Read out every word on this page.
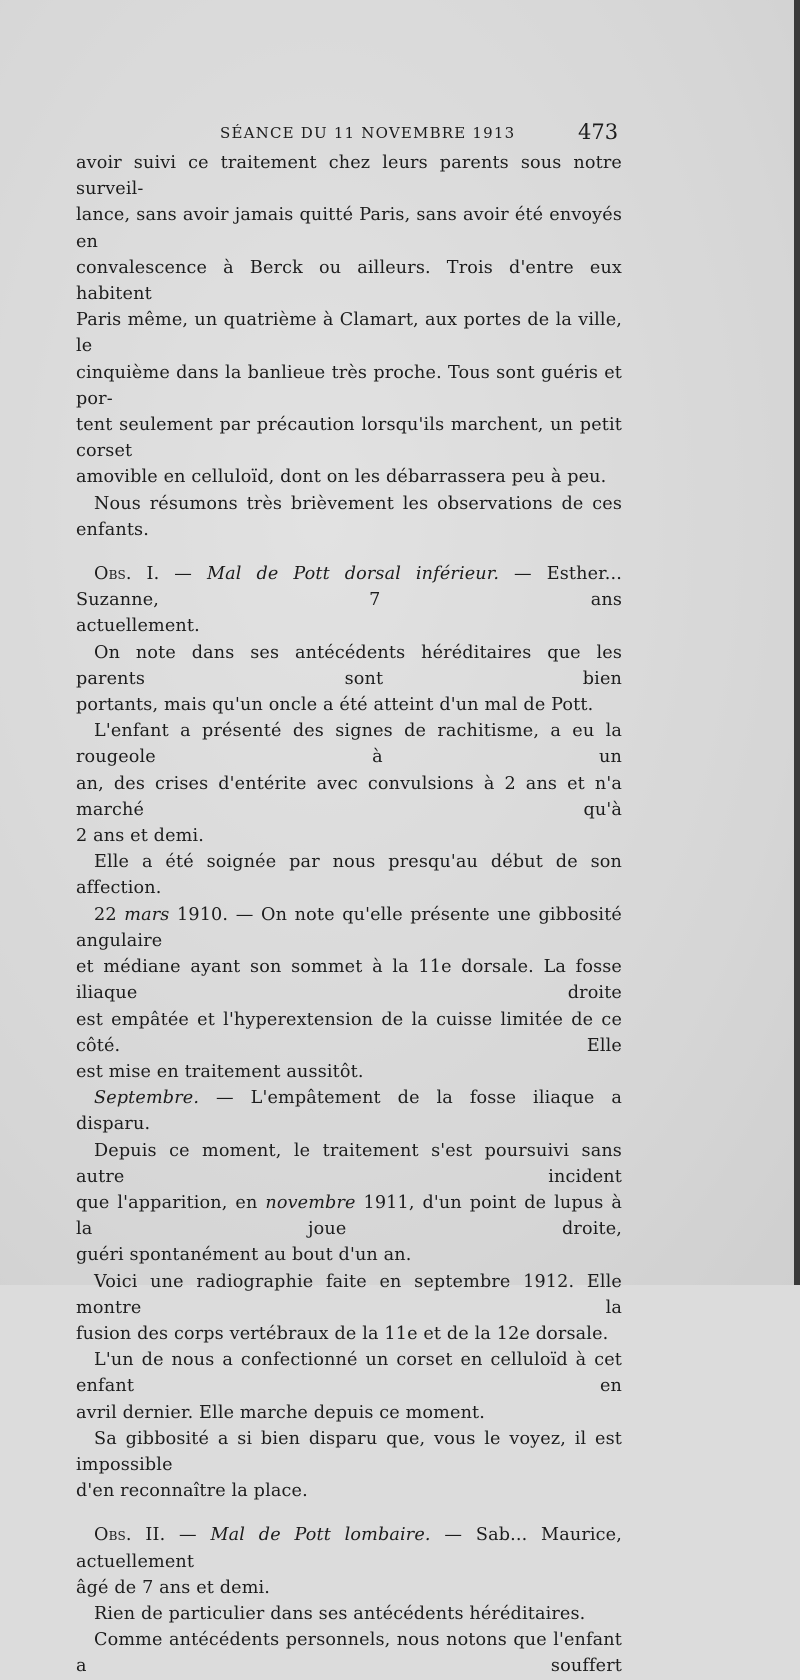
SÉANCE DU 11 NOVEMBRE 1913	473

avoir suivi ce traitement chez leurs parents sous notre surveil-

lance, sans avoir jamais quitté Paris, sans avoir été envoyés en

convalescence à Berck ou ailleurs. Trois d'entre eux habitent

Paris même, un quatrième à Clamart, aux portes de la ville, le

cinquième dans la banlieue très proche. Tous sont guéris et por-

tent seulement par précaution lorsqu'ils marchent, un petit corset

amovible en celluloïd, dont on les débarrassera peu à peu.

Nous résumons très brièvement les observations de ces enfants.

Obs. I. — Mal de Pott dorsal inférieur. — Esther... Suzanne, 7 ans

actuellement.

On note dans ses antécédents héréditaires que les parents sont bien

portants, mais qu'un oncle a été atteint d'un mal de Pott.

L'enfant a présenté des signes de rachitisme, a eu la rougeole à un

an, des crises d'entérite avec convulsions à 2 ans et n'a marché qu'à

2 ans et demi.

Elle a été soignée par nous presqu'au début de son affection.

22 mars 1910. — On note qu'elle présente une gibbosité angulaire

et médiane ayant son sommet à la 11e dorsale. La fosse iliaque droite

est empâtée et l'hyperextension de la cuisse limitée de ce côté. Elle

est mise en traitement aussitôt.

Septembre. — L'empâtement de la fosse iliaque a disparu.

Depuis ce moment, le traitement s'est poursuivi sans autre incident

que l'apparition, en novembre 1911, d'un point de lupus à la joue droite,

guéri spontanément au bout d'un an.

Voici une radiographie faite en septembre 1912. Elle montre la

fusion des corps vertébraux de la 11e et de la 12e dorsale.

L'un de nous a confectionné un corset en celluloïd à cet enfant en

avril dernier. Elle marche depuis ce moment.

Sa gibbosité a si bien disparu que, vous le voyez, il est impossible

d'en reconnaître la place.

Obs. II. — Mal de Pott lombaire. — Sab... Maurice, actuellement

âgé de 7 ans et demi.

Rien de particulier dans ses antécédents héréditaires.

Comme antécédents personnels, nous notons que l'enfant a souffert
